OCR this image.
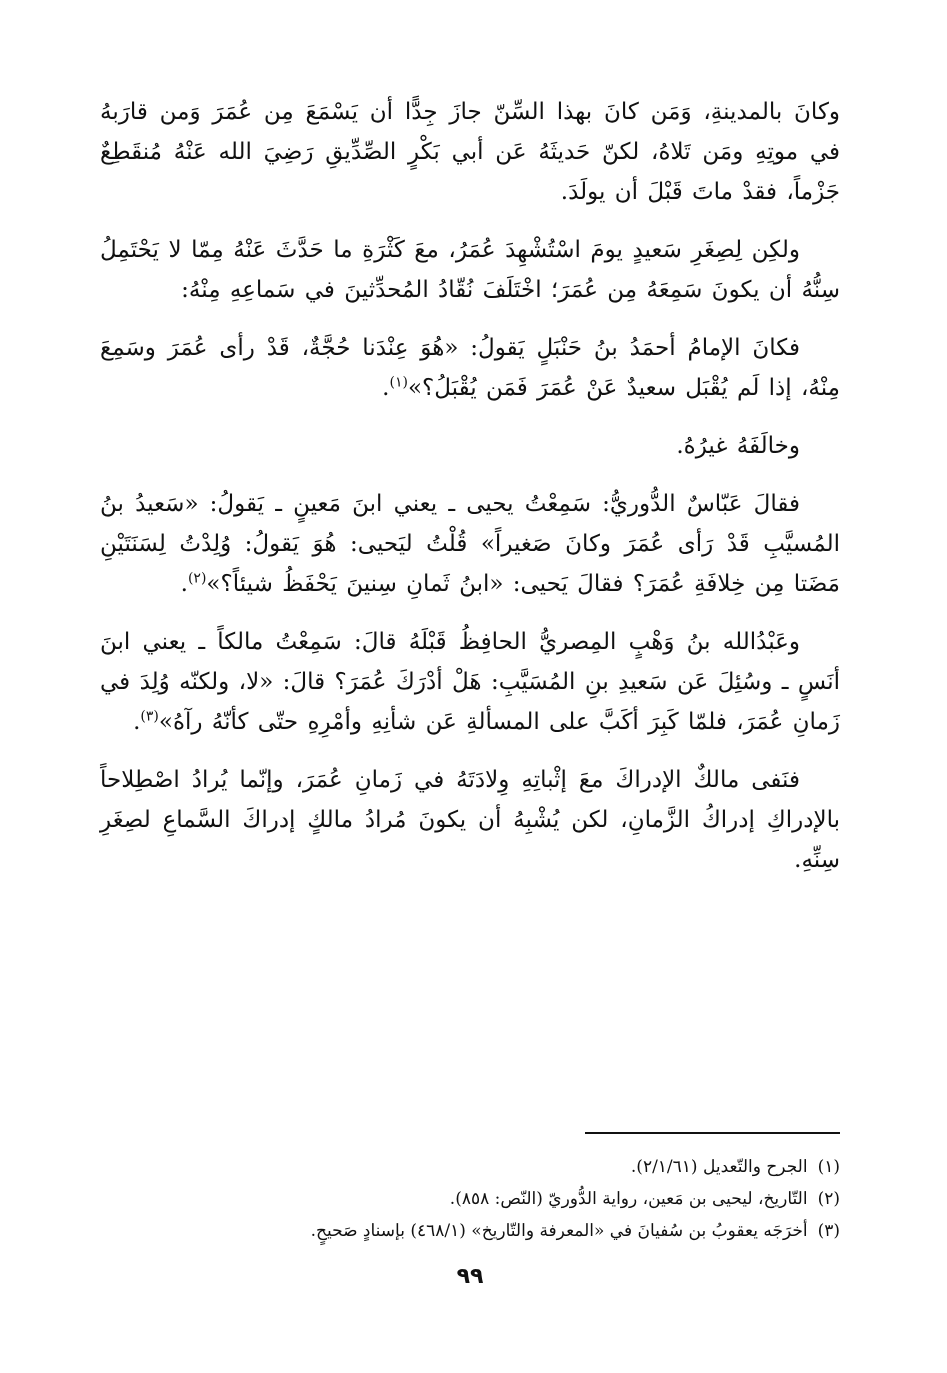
وكانَ بالمدينةِ، وَمَن كانَ بهذا السِّنّ جازَ جِدًّا أن يَسْمَعَ مِن عُمَرَ وَمن قارَبهُ في موتِهِ ومَن تَلاهُ، لكنّ حَديثَهُ عَن أبي بَكْرٍ الصِّدِّيقِ رَضِيَ الله عَنْهُ مُنقَطِعٌ جَزْماً، فقدْ ماتَ قَبْلَ أن يولَدَ.

ولكِن لِصِغَرِ سَعيدٍ يومَ اسْتُشْهِدَ عُمَرُ، معَ كَثْرَةِ ما حَدَّثَ عَنْهُ مِمّا لا يَحْتَمِلُ سِنُّهُ أن يكونَ سَمِعَهُ مِن عُمَرَ؛ اخْتَلَفَ نُقّادُ المُحدِّثينَ في سَماعِهِ مِنْهُ:

فكانَ الإمامُ أحمَدُ بنُ حَنْبَلٍ يَقولُ: «هُوَ عِنْدَنا حُجَّةٌ، قَدْ رأى عُمَرَ وسَمِعَ مِنْهُ، إذا لَم يُقْبَل سعيدٌ عَنْ عُمَرَ فَمَن يُقْبَلُ؟»$^{(١)}$.

وخالَفَهُ غيرُهُ.

فقالَ عَبّاسٌ الدُّوريُّ: سَمِعْتُ يحيى ـ يعني ابنَ مَعينٍ ـ يَقولُ: «سَعيدُ بنُ المُسيَّبِ قَدْ رَأى عُمَرَ وكانَ صَغيراً» قُلْتُ ليَحيى: هُوَ يَقولُ: وُلِدْتُ لِسَنَتَيْنِ مَضَتا مِن خِلافَةِ عُمَرَ؟ فقالَ يَحيى: «ابنُ ثَمانِ سِنينَ يَحْفَظُ شيئاً؟»$^{(٢)}$.

وعَبْدُالله بنُ وَهْبٍ المِصريُّ الحافِظُ قَبْلَهُ قالَ: سَمِعْتُ مالكاً ـ يعني ابنَ أنَسٍ ـ وسُئِلَ عَن سَعيدِ بنِ المُسَيَّبِ: هَلْ أدْرَكَ عُمَرَ؟ قالَ: «لا، ولكنّه وُلِدَ في زَمانِ عُمَرَ، فلمّا كَبِرَ أكَبَّ على المسألةِ عَن شأنِهِ وأمْرِهِ حتّى كأنّهُ رآهُ»$^{(٣)}$.

فنَفى مالكٌ الإدراكَ معَ إثْباتِهِ وِلادَتَهُ في زَمانِ عُمَرَ، وإنّما يُرادُ اصْطِلاحاً بالإدراكِ إدراكُ الزَّمانِ، لكن يُشْبِهُ أن يكونَ مُرادُ مالكٍ إدراكَ السَّماعِ لصِغَرِ سِنِّهِ.

(١)
الجرح والتّعديل (٢/١/٦١).
(٢)
التّاريخ، ليحيى بن مَعين، رواية الدُّوريّ (النّص: ٨٥٨).
(٣)
أخرَجَه يعقوبُ بن سُفيانَ في «المعرفة والتّاريخ» (٤٦٨/١) بإسنادٍ صَحيحٍ.
٩٩
